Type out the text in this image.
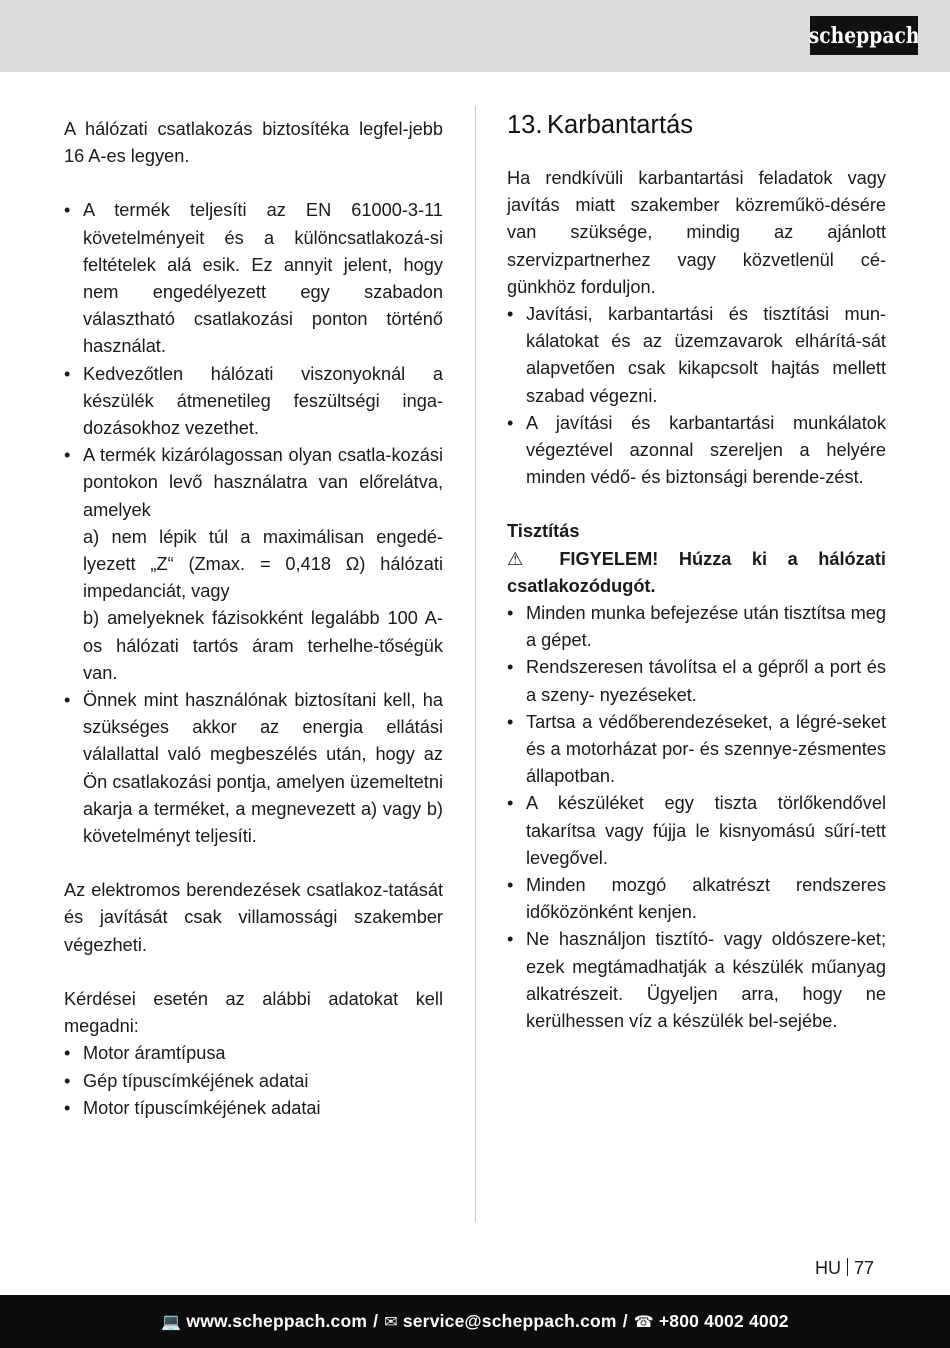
scheppach

A hálózati csatlakozás biztosítéka legfel-jebb 16 A-es legyen.

• A termék teljesíti az EN 61000-3-11 követelményeit és a különcsatlakozá-si feltételek alá esik. Ez annyit jelent, hogy nem engedélyezett egy szabadon választható csatlakozási ponton történő használat.
• Kedvezőtlen hálózati viszonyoknál a készülék átmenetileg feszültségi inga-dozásokhoz vezethet.
• A termék kizárólagossan olyan csatla-kozási pontokon levő használatra van előrelátva, amelyek
a) nem lépik túl a maximálisan engedé-lyezett „Z“ (Zmax. = 0,418 Ω) hálózati impedanciát, vagy
b) amelyeknek fázisokként legalább 100 A-os hálózati tartós áram terhelhe-tőségük van.
• Önnek mint használónak biztosítani kell, ha szükséges akkor az energia ellátási válallattal való megbeszélés után, hogy az Ön csatlakozási pontja, amelyen üzemeltetni akarja a terméket, a megnevezett a) vagy b) követelményt teljesíti.

Az elektromos berendezések csatlakoz-tatását és javítását csak villamossági szakember végezheti.

Kérdései esetén az alábbi adatokat kell megadni:

• Motor áramtípusa
• Gép típuscímkéjének adatai
• Motor típuscímkéjének adatai
13. Karbantartás

Ha rendkívüli karbantartási feladatok vagy javítás miatt szakember közreműkö-désére van szüksége, mindig az ajánlott szervizpartnerhez vagy közvetlenül cé-günkhöz forduljon.

• Javítási, karbantartási és tisztítási mun-kálatokat és az üzemzavarok elhárítá-sát alapvetően csak kikapcsolt hajtás mellett szabad végezni.
• A javítási és karbantartási munkálatok végeztével azonnal szereljen a helyére minden védő- és biztonsági berende-zést.

Tisztítás

⚠ FIGYELEM! Húzza ki a hálózati csatlakozódugót.

• Minden munka befejezése után tisztítsa meg a gépet.
• Rendszeresen távolítsa el a gépről a port és a szeny- nyezéseket.
• Tartsa a védőberendezéseket, a légré-seket és a motorházat por- és szennye-zésmentes állapotban.
• A készüléket egy tiszta törlőkendővel takarítsa vagy fújja le kisnyomású sűrí-tett levegővel.
• Minden mozgó alkatrészt rendszeres időközönként kenjen.
• Ne használjon tisztító- vagy oldószere-ket; ezek megtámadhatják a készülék műanyag alkatrészeit. Ügyeljen arra, hogy ne kerülhessen víz a készülék bel-sejébe.
HU 77
💻 www.scheppach.com / ✉ service@scheppach.com / ☎ +800 4002 4002
